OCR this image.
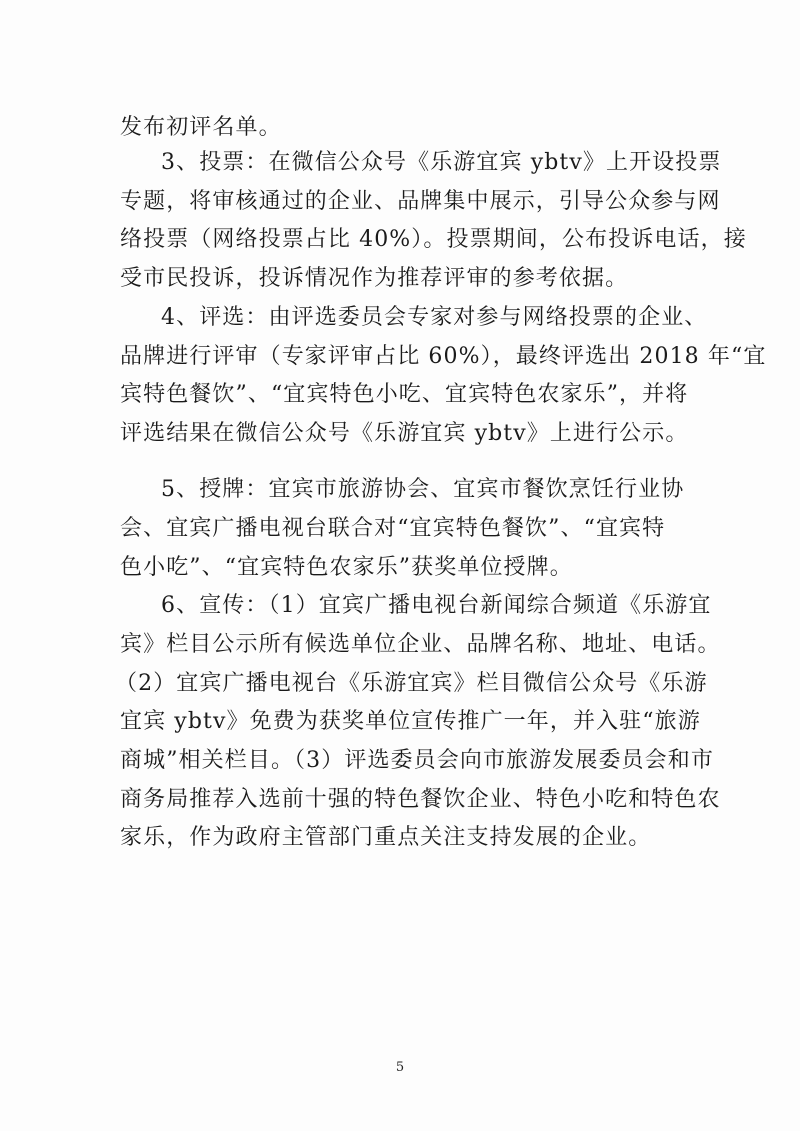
发布初评名单。
3、投票：在微信公众号《乐游宜宾 ybtv》上开设投票
专题，将审核通过的企业、品牌集中展示，引导公众参与网
络投票（网络投票占比 40%）。投票期间，公布投诉电话，接
受市民投诉，投诉情况作为推荐评审的参考依据。
4、评选：由评选委员会专家对参与网络投票的企业、
品牌进行评审（专家评审占比 60%），最终评选出 2018 年“宜
宾特色餐饮”、“宜宾特色小吃、宜宾特色农家乐”，并将
评选结果在微信公众号《乐游宜宾 ybtv》上进行公示。
5、授牌：宜宾市旅游协会、宜宾市餐饮烹饪行业协
会、宜宾广播电视台联合对“宜宾特色餐饮”、“宜宾特
色小吃”、“宜宾特色农家乐”获奖单位授牌。
6、宣传：（1）宜宾广播电视台新闻综合频道《乐游宜
宾》栏目公示所有候选单位企业、品牌名称、地址、电话。
（2）宜宾广播电视台《乐游宜宾》栏目微信公众号《乐游
宜宾 ybtv》免费为获奖单位宣传推广一年，并入驻“旅游
商城”相关栏目。（3）评选委员会向市旅游发展委员会和市
商务局推荐入选前十强的特色餐饮企业、特色小吃和特色农
家乐，作为政府主管部门重点关注支持发展的企业。
5
